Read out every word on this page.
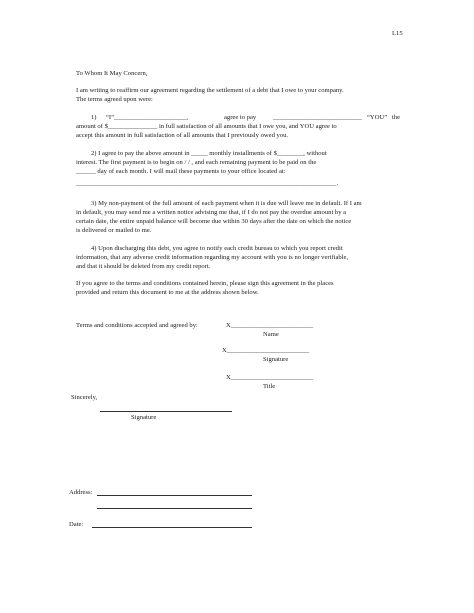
L15
To Whom It May Concern,
I am writing to reaffirm our agreement regarding the settlement of a debt that I owe to your company.
The terms agreed upon were:
1) “I” ______________________,	agree to pay	___________________________ “YOU” the
amount of $_______________ in full satisfaction of all amounts that I owe you, and YOU agree to
accept this amount in full satisfaction of all amounts that I previously owed you.
2) I agree to pay the above amount in _____ monthly installments of $________, without
interest. The first payment is to begin on / / , and each remaining payment to be paid on the
______ day of each month. I will mail these payments to your office located at:
_______________________________________________________________________________.
3) My non-payment of the full amount of each payment when it is due will leave me in default. If I am
in default, you may send me a written notice advising me that, if I do not pay the overdue amount by a
certain date, the entire unpaid balance will become due within 30 days after the date on which the notice
is delivered or mailed to me.
4) Upon discharging this debt, you agree to notify each credit bureau to which you report credit
information, that any adverse credit information regarding my account with you is no longer verifiable,
and that it should be deleted from my credit report.
If you agree to the terms and conditions contained herein, please sign this agreement in the places
provided and return this document to me at the address shown below.
Terms and conditions accepted and agreed by:	X_________________________
Name
X_________________________
Signature
X_________________________
Title
Sincerely,
Signature
Address:
Date:
